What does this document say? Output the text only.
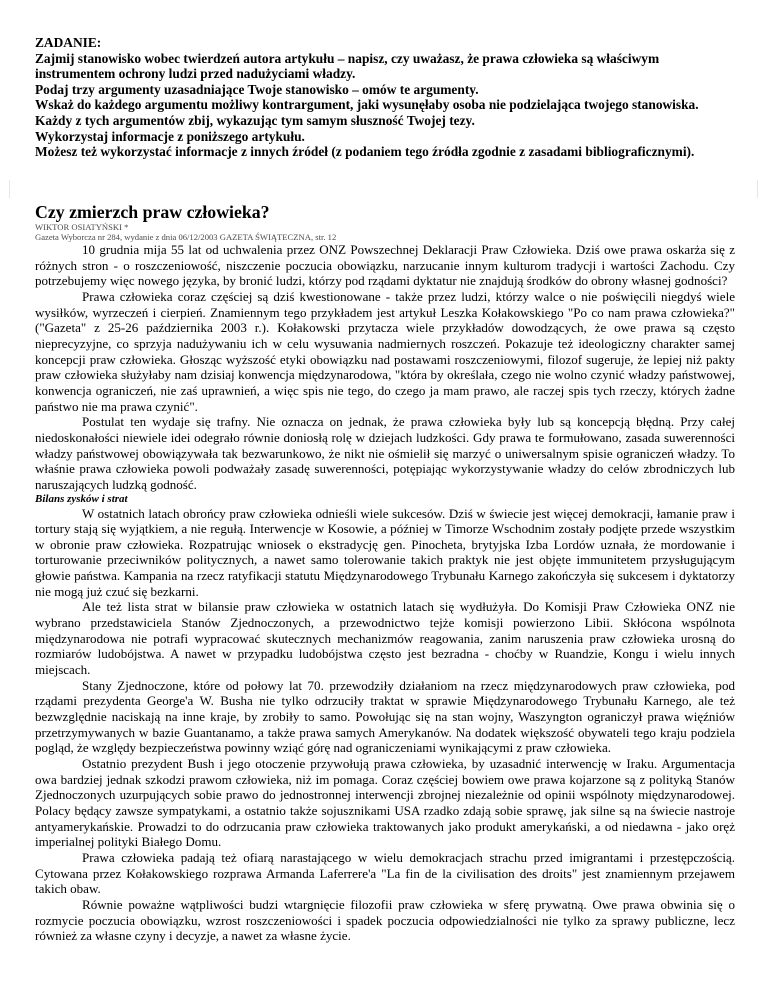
ZADANIE:

Zajmij stanowisko wobec twierdzeń autora artykułu – napisz, czy uważasz, że prawa człowieka są właściwym instrumentem ochrony ludzi przed nadużyciami władzy.

Podaj trzy argumenty uzasadniające Twoje stanowisko – omów te argumenty.

Wskaż do każdego argumentu możliwy kontrargument, jaki wysunęłaby osoba nie podzielająca twojego stanowiska.

Każdy z tych argumentów zbij, wykazując tym samym słuszność Twojej tezy.

Wykorzystaj informacje z poniższego artykułu.

Możesz też wykorzystać informacje z innych źródeł (z podaniem tego źródła zgodnie z zasadami bibliograficznymi).

Czy zmierzch praw człowieka?

WIKTOR OSIATYŃSKI *

Gazeta Wyborcza nr 284, wydanie z dnia 06/12/2003 GAZETA ŚWIĄTECZNA, str. 12

10 grudnia mija 55 lat od uchwalenia przez ONZ Powszechnej Deklaracji Praw Człowieka. Dziś owe prawa oskarża się z różnych stron - o roszczeniowość, niszczenie poczucia obowiązku, narzucanie innym kulturom tradycji i wartości Zachodu. Czy potrzebujemy więc nowego języka, by bronić ludzi, którzy pod rządami dyktatur nie znajdują środków do obrony własnej godności?

Prawa człowieka coraz częściej są dziś kwestionowane - także przez ludzi, którzy walce o nie poświęcili niegdyś wiele wysiłków, wyrzeczeń i cierpień. Znamiennym tego przykładem jest artykuł Leszka Kołakowskiego "Po co nam prawa człowieka?" ("Gazeta" z 25-26 października 2003 r.). Kołakowski przytacza wiele przykładów dowodzących, że owe prawa są często nieprecyzyjne, co sprzyja nadużywaniu ich w celu wysuwania nadmiernych roszczeń. Pokazuje też ideologiczny charakter samej koncepcji praw człowieka. Głosząc wyższość etyki obowiązku nad postawami roszczeniowymi, filozof sugeruje, że lepiej niż pakty praw człowieka służyłaby nam dzisiaj konwencja międzynarodowa, "która by określała, czego nie wolno czynić władzy państwowej, konwencja ograniczeń, nie zaś uprawnień, a więc spis nie tego, do czego ja mam prawo, ale raczej spis tych rzeczy, których żadne państwo nie ma prawa czynić".

Postulat ten wydaje się trafny. Nie oznacza on jednak, że prawa człowieka były lub są koncepcją błędną. Przy całej niedoskonałości niewiele idei odegrało równie doniosłą rolę w dziejach ludzkości. Gdy prawa te formułowano, zasada suwerenności władzy państwowej obowiązywała tak bezwarunkowo, że nikt nie ośmielił się marzyć o uniwersalnym spisie ograniczeń władzy. To właśnie prawa człowieka powoli podważały zasadę suwerenności, potępiając wykorzystywanie władzy do celów zbrodniczych lub naruszających ludzką godność.

Bilans zysków i strat

W ostatnich latach obrońcy praw człowieka odnieśli wiele sukcesów. Dziś w świecie jest więcej demokracji, łamanie praw i tortury stają się wyjątkiem, a nie regułą. Interwencje w Kosowie, a później w Timorze Wschodnim zostały podjęte przede wszystkim w obronie praw człowieka. Rozpatrując wniosek o ekstradycję gen. Pinocheta, brytyjska Izba Lordów uznała, że mordowanie i torturowanie przeciwników politycznych, a nawet samo tolerowanie takich praktyk nie jest objęte immunitetem przysługującym głowie państwa. Kampania na rzecz ratyfikacji statutu Międzynarodowego Trybunału Karnego zakończyła się sukcesem i dyktatorzy nie mogą już czuć się bezkarni.

Ale też lista strat w bilansie praw człowieka w ostatnich latach się wydłużyła. Do Komisji Praw Człowieka ONZ nie wybrano przedstawiciela Stanów Zjednoczonych, a przewodnictwo tejże komisji powierzono Libii. Skłócona wspólnota międzynarodowa nie potrafi wypracować skutecznych mechanizmów reagowania, zanim naruszenia praw człowieka urosną do rozmiarów ludobójstwa. A nawet w przypadku ludobójstwa często jest bezradna - choćby w Ruandzie, Kongu i wielu innych miejscach.

Stany Zjednoczone, które od połowy lat 70. przewodziły działaniom na rzecz międzynarodowych praw człowieka, pod rządami prezydenta George'a W. Busha nie tylko odrzuciły traktat w sprawie Międzynarodowego Trybunału Karnego, ale też bezwzględnie naciskają na inne kraje, by zrobiły to samo. Powołując się na stan wojny, Waszyngton ograniczył prawa więźniów przetrzymywanych w bazie Guantanamo, a także prawa samych Amerykanów. Na dodatek większość obywateli tego kraju podziela pogląd, że względy bezpieczeństwa powinny wziąć górę nad ograniczeniami wynikającymi z praw człowieka.

Ostatnio prezydent Bush i jego otoczenie przywołują prawa człowieka, by uzasadnić interwencję w Iraku. Argumentacja owa bardziej jednak szkodzi prawom człowieka, niż im pomaga. Coraz częściej bowiem owe prawa kojarzone są z polityką Stanów Zjednoczonych uzurpujących sobie prawo do jednostronnej interwencji zbrojnej niezależnie od opinii wspólnoty międzynarodowej. Polacy będący zawsze sympatykami, a ostatnio także sojusznikami USA rzadko zdają sobie sprawę, jak silne są na świecie nastroje antyamerykańskie. Prowadzi to do odrzucania praw człowieka traktowanych jako produkt amerykański, a od niedawna - jako oręż imperialnej polityki Białego Domu.

Prawa człowieka padają też ofiarą narastającego w wielu demokracjach strachu przed imigrantami i przestępczością. Cytowana przez Kołakowskiego rozprawa Armanda Laferrere'a "La fin de la civilisation des droits" jest znamiennym przejawem takich obaw.

Równie poważne wątpliwości budzi wtargnięcie filozofii praw człowieka w sferę prywatną. Owe prawa obwinia się o rozmycie poczucia obowiązku, wzrost roszczeniowości i spadek poczucia odpowiedzialności nie tylko za sprawy publiczne, lecz również za własne czyny i decyzje, a nawet za własne życie.
